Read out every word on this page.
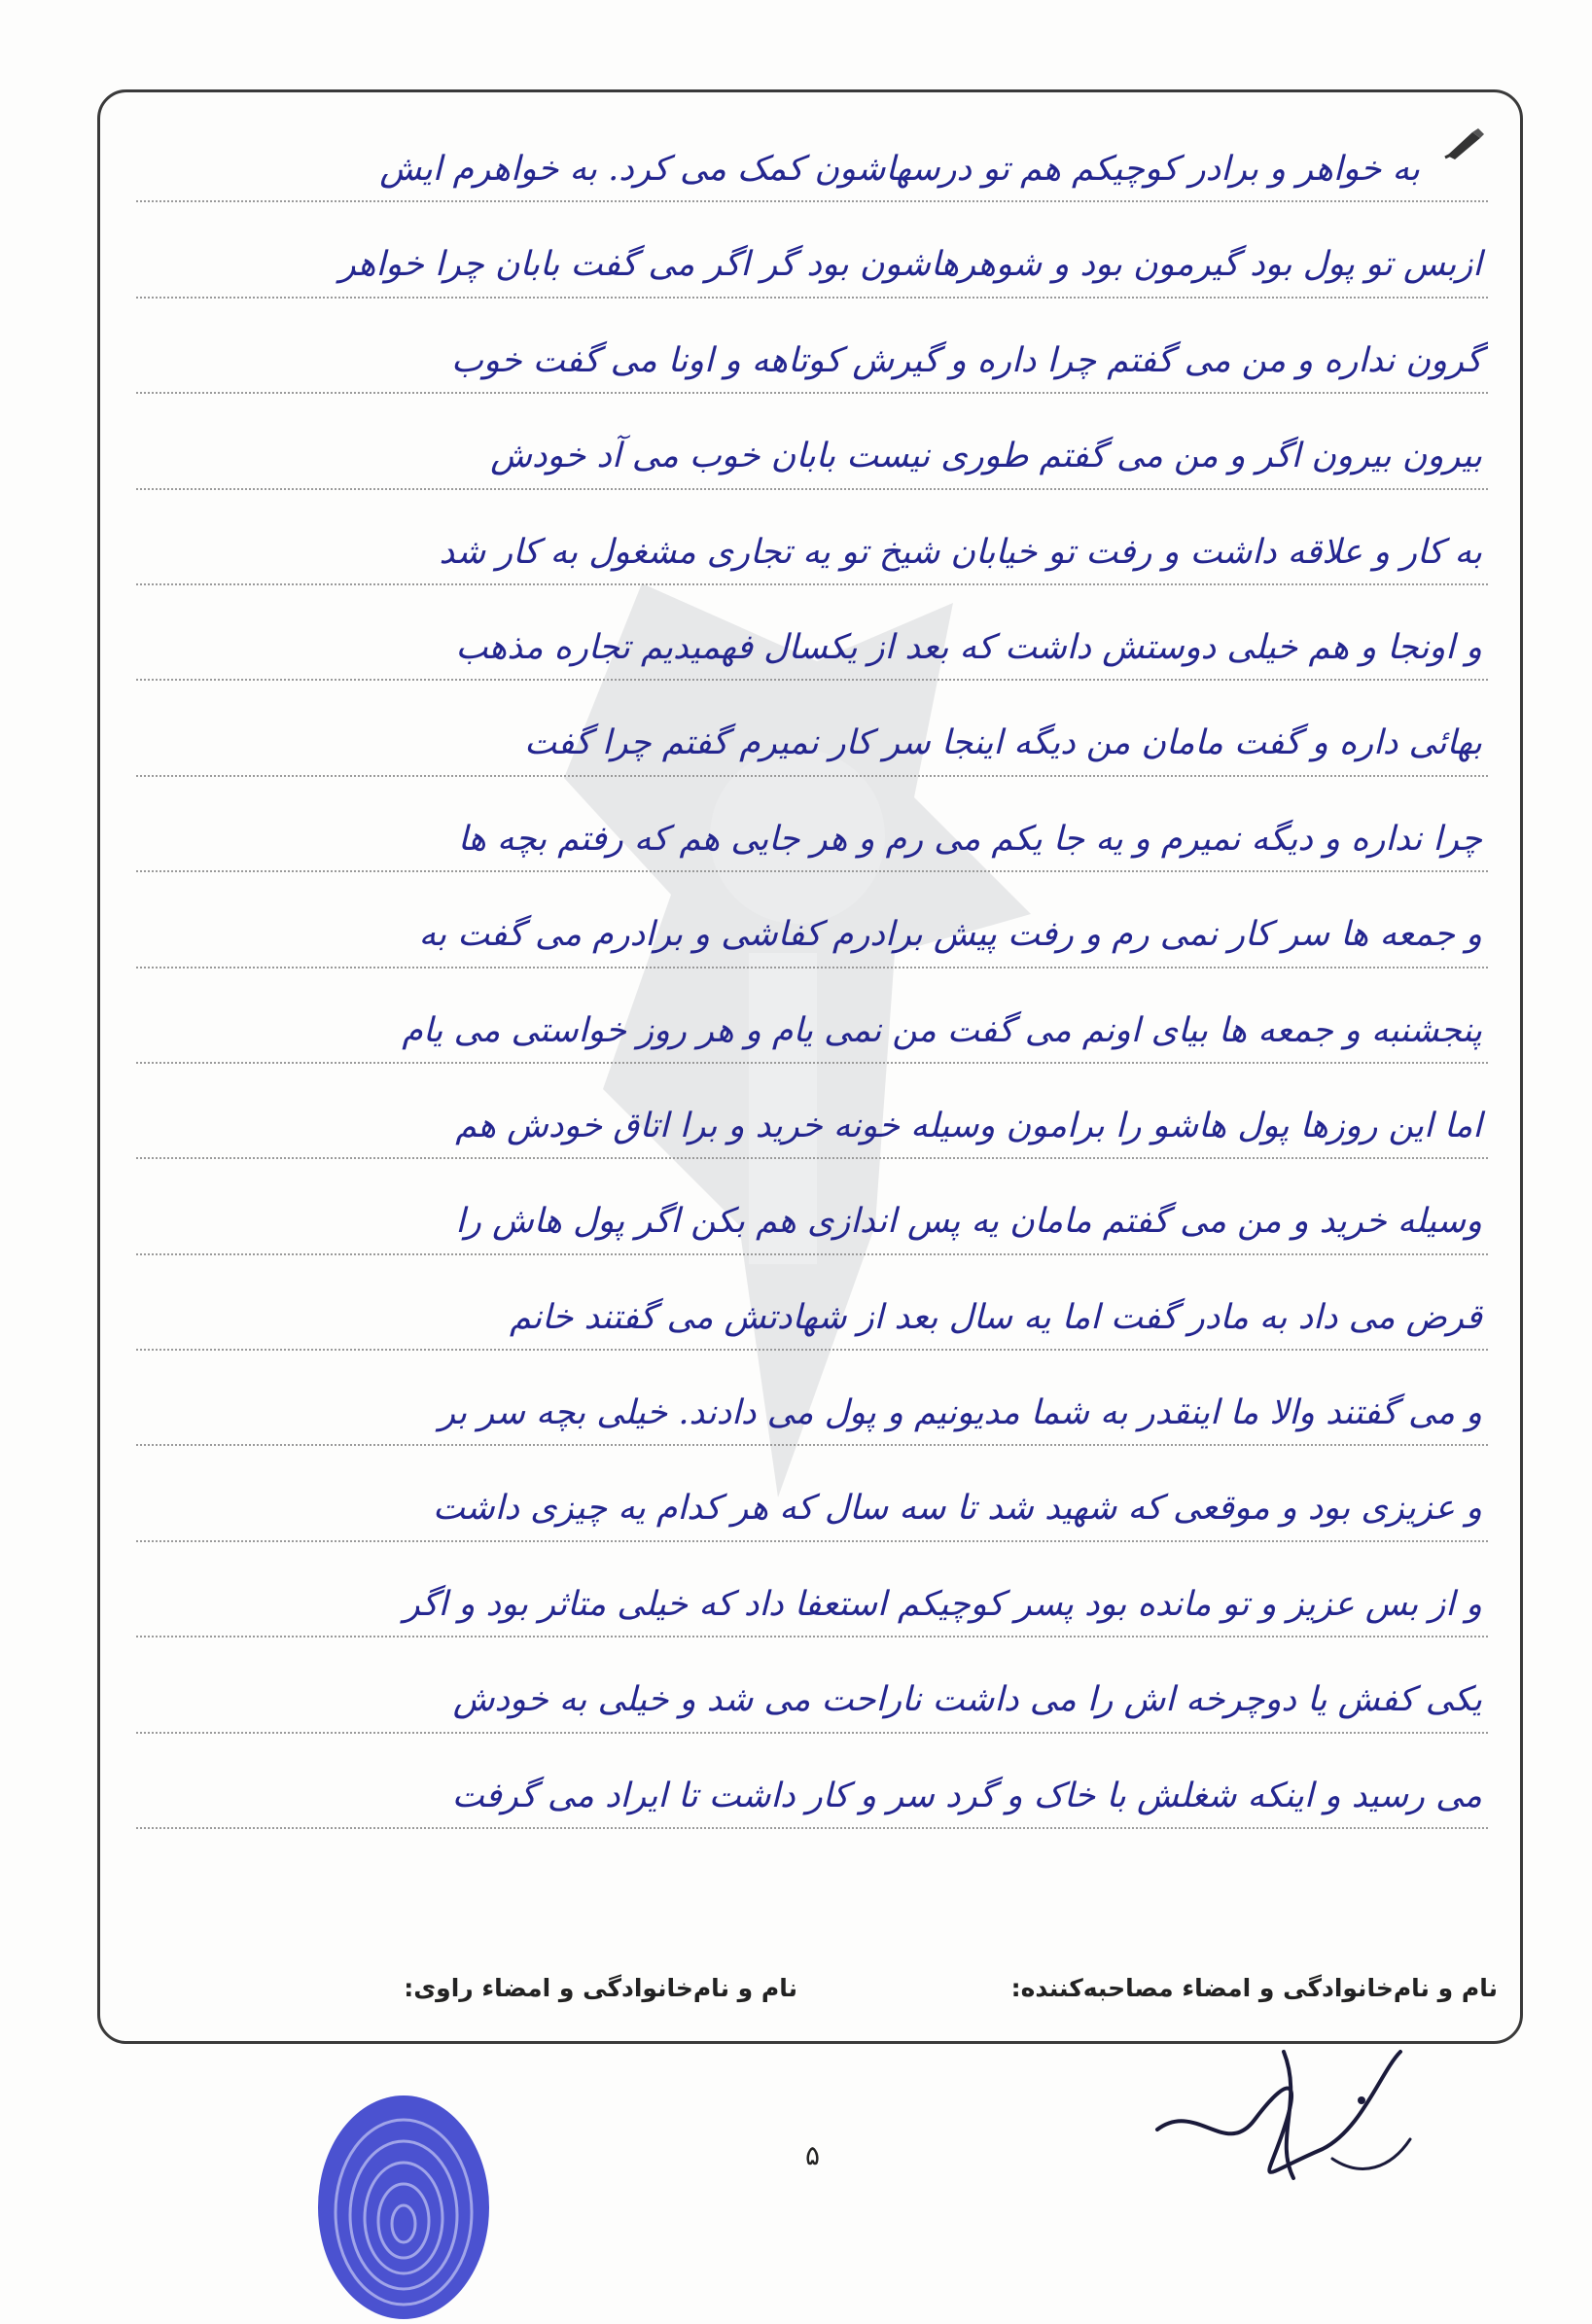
به خواهر و برادر کوچیکم هم تو درسهاشون کمک می کرد. به خواهرم ایش
ازبس تو پول بود گیرمون بود و شوهرهاشون بود گر اگر می گفت بابان چرا خواهر
گرون نداره و من می گفتم چرا داره و گیرش کوتاهه و اونا می گفت خوب
بیرون بیرون اگر و من می گفتم طوری نیست بابان خوب می آد خودش
به کار و علاقه داشت و رفت تو خیابان شیخ تو یه تجاری مشغول به کار شد
و اونجا و هم خیلی دوستش داشت که بعد از یکسال فهمیدیم تجاره مذهب
بهائی داره و گفت مامان من دیگه اینجا سر کار نمیرم گفتم چرا گفت
چرا نداره و دیگه نمیرم و یه جا یکم می رم و هر جایی هم که رفتم بچه ها
و جمعه ها سر کار نمی رم و رفت پیش برادرم کفاشی و برادرم می گفت به
پنجشنبه و جمعه ها بیای اونم می گفت من نمی یام و هر روز خواستی می یام
اما این روزها پول هاشو را برامون وسیله خونه خرید و برا اتاق خودش هم
وسیله خرید و من می گفتم مامان یه پس اندازی هم بکن اگر پول هاش را
قرض می داد به مادر گفت اما یه سال بعد از شهادتش می گفتند خانم
و می گفتند والا ما اینقدر به شما مدیونیم و پول می دادند. خیلی بچه سر بر
و عزیزی بود و موقعی که شهید شد تا سه سال که هر کدام یه چیزی داشت
و از بس عزیز و تو مانده بود پسر کوچیکم استعفا داد که خیلی متاثر بود و اگر
یکی کفش یا دوچرخه اش را می داشت ناراحت می شد و خیلی به خودش
می رسید و اینکه شغلش با خاک و گرد سر و کار داشت تا ایراد می گرفت
نام و نام‌خانوادگی و امضاء مصاحبه‌کننده:
نام و نام‌خانوادگی و امضاء راوی:
۵
